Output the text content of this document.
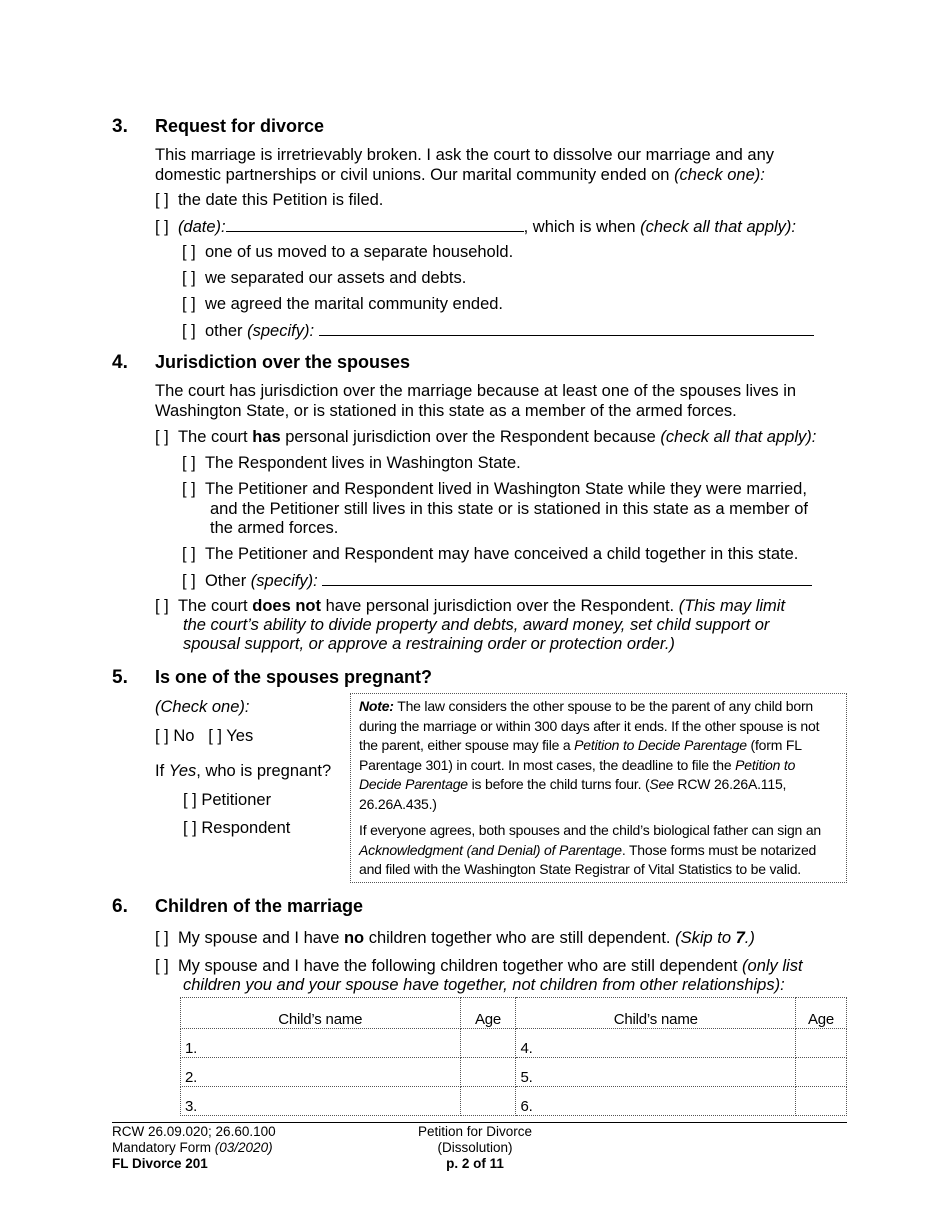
3. Request for divorce
This marriage is irretrievably broken. I ask the court to dissolve our marriage and any
domestic partnerships or civil unions. Our marital community ended on (check one):
[ ] the date this Petition is filed.
[ ] (date):	, which is when (check all that apply):
[ ] one of us moved to a separate household.
[ ] we separated our assets and debts.
[ ] we agreed the marital community ended.
[ ] other (specify):
4. Jurisdiction over the spouses
The court has jurisdiction over the marriage because at least one of the spouses lives in
Washington State, or is stationed in this state as a member of the armed forces.
[ ] The court has personal jurisdiction over the Respondent because (check all that apply):
[ ] The Respondent lives in Washington State.
[ ] The Petitioner and Respondent lived in Washington State while they were married,
and the Petitioner still lives in this state or is stationed in this state as a member of
the armed forces.
[ ] The Petitioner and Respondent may have conceived a child together in this state.
[ ] Other (specify):
[ ] The court does not have personal jurisdiction over the Respondent. (This may limit
the court’s ability to divide property and debts, award money, set child support or
spousal support, or approve a restraining order or protection order.)
5. Is one of the spouses pregnant?
(Check one):
[ ] No [ ] Yes
If Yes, who is pregnant?
[ ] Petitioner
[ ] Respondent

Note: The law considers the other spouse to be the parent of any child born during the marriage or within 300 days after it ends. If the other spouse is not the parent, either spouse may file a Petition to Decide Parentage (form FL Parentage 301) in court. In most cases, the deadline to file the Petition to Decide Parentage is before the child turns four. (See RCW 26.26A.115, 26.26A.435.)

If everyone agrees, both spouses and the child’s biological father can sign an Acknowledgment (and Denial) of Parentage. Those forms must be notarized and filed with the Washington State Registrar of Vital Statistics to be valid.

6. Children of the marriage
[ ] My spouse and I have no children together who are still dependent. (Skip to 7.)
[ ] My spouse and I have the following children together who are still dependent (only list
children you and your spouse have together, not children from other relationships):
Child’s name	Age	Child’s name	Age
1.		4.	
2.		5.	
3.		6.	
RCW 26.09.020; 26.60.100
Mandatory Form (03/2020)
FL Divorce 201
Petition for Divorce
(Dissolution)
p. 2 of 11
